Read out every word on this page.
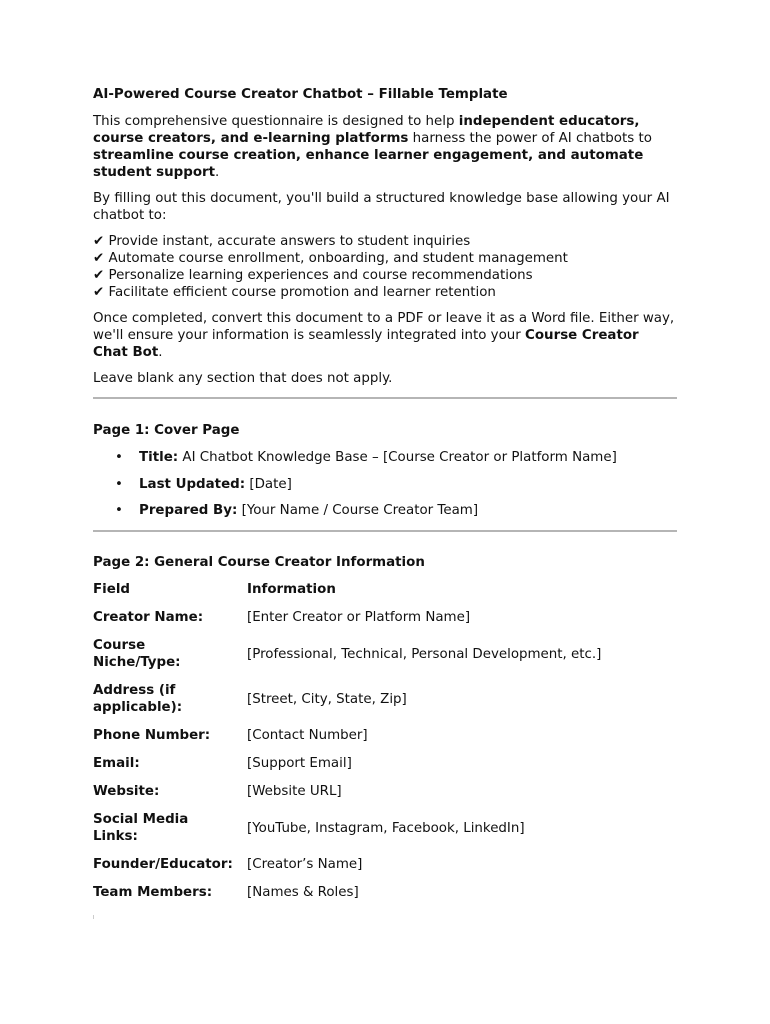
AI-Powered Course Creator Chatbot – Fillable Template

This comprehensive questionnaire is designed to help independent educators, course creators, and e-learning platforms harness the power of AI chatbots to streamline course creation, enhance learner engagement, and automate student support.

By filling out this document, you'll build a structured knowledge base allowing your AI chatbot to:

✔ Provide instant, accurate answers to student inquiries
✔ Automate course enrollment, onboarding, and student management
✔ Personalize learning experiences and course recommendations
✔ Facilitate efficient course promotion and learner retention

Once completed, convert this document to a PDF or leave it as a Word file. Either way, we'll ensure your information is seamlessly integrated into your Course Creator Chat Bot.

Leave blank any section that does not apply.

Page 1: Cover Page
• Title: AI Chatbot Knowledge Base – [Course Creator or Platform Name]
• Last Updated: [Date]
• Prepared By: [Your Name / Course Creator Team]
Page 2: General Course Creator Information
Field	Information
Creator Name:	[Enter Creator or Platform Name]
Course Niche/Type:	[Professional, Technical, Personal Development, etc.]
Address (if applicable):	[Street, City, State, Zip]
Phone Number:	[Contact Number]
Email:	[Support Email]
Website:	[Website URL]
Social Media Links:	[YouTube, Instagram, Facebook, LinkedIn]
Founder/Educator:	[Creator’s Name]
Team Members:	[Names & Roles]
